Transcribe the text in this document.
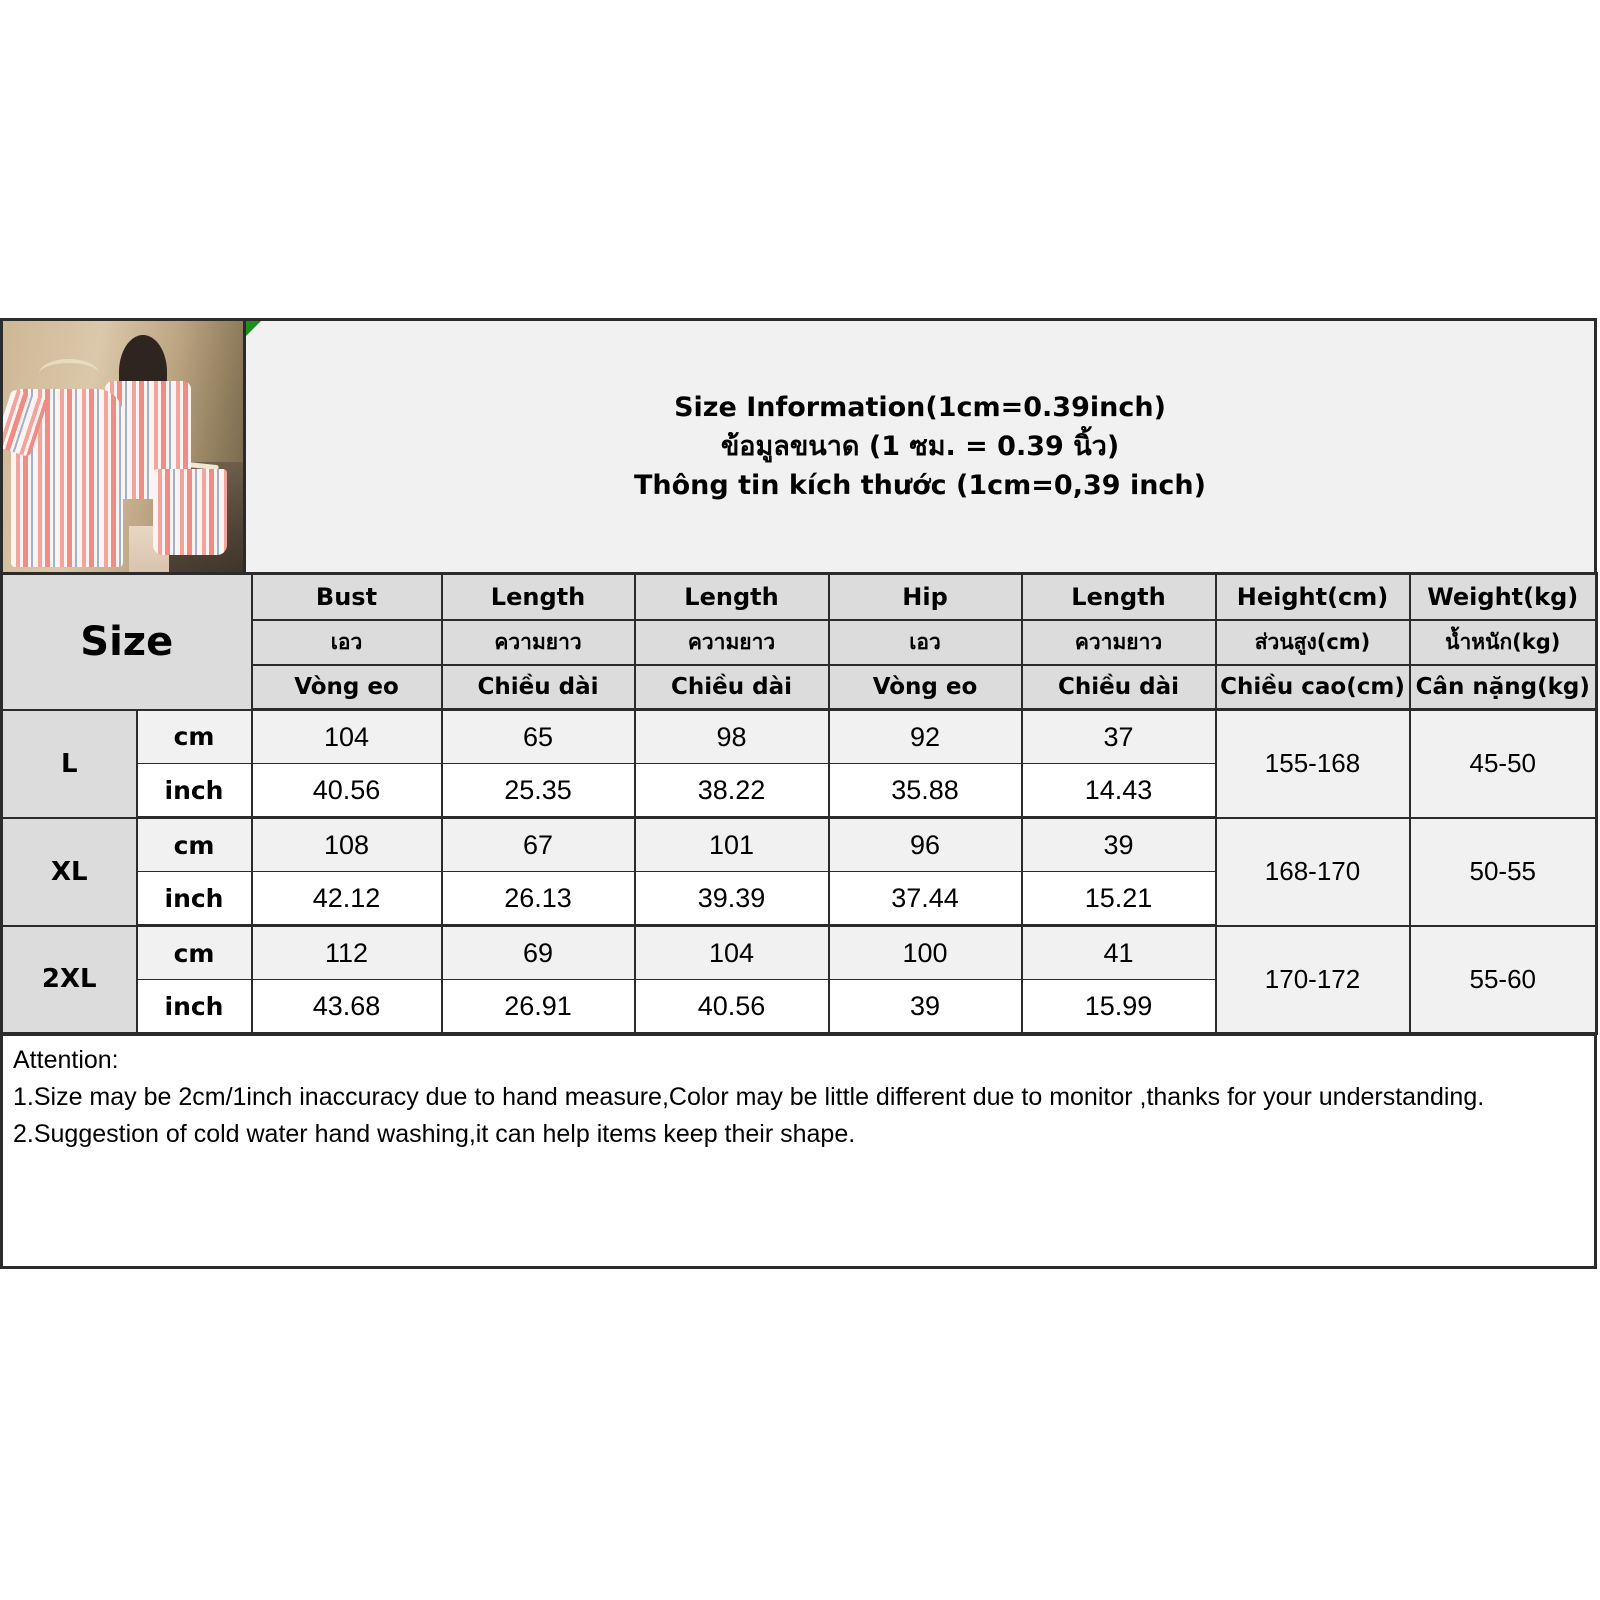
Size Information(1cm=0.39inch)
ข้อมูลขนาด (1 ซม. = 0.39 นิ้ว)
Thông tin kích thước (1cm=0,39 inch)
Size		Bust	Length	Length	Hip	Length	Height(cm)	Weight(kg)
		เอว	ความยาว	ความยาว	เอว	ความยาว	ส่วนสูง(cm)	น้ำหนัก(kg)
		Vòng eo	Chiều dài	Chiều dài	Vòng eo	Chiều dài	Chiều cao(cm)	Cân nặng(kg)
L	cm	104	65	98	92	37	155-168	45-50
	inch	40.56	25.35	38.22	35.88	14.43		
XL	cm	108	67	101	96	39	168-170	50-55
	inch	42.12	26.13	39.39	37.44	15.21		
2XL	cm	112	69	104	100	41	170-172	55-60
	inch	43.68	26.91	40.56	39	15.99		
Attention:
1.Size may be 2cm/1inch inaccuracy due to hand measure,Color may be little different due to monitor ,thanks for your understanding.
2.Suggestion of cold water hand washing,it can help items keep their shape.
